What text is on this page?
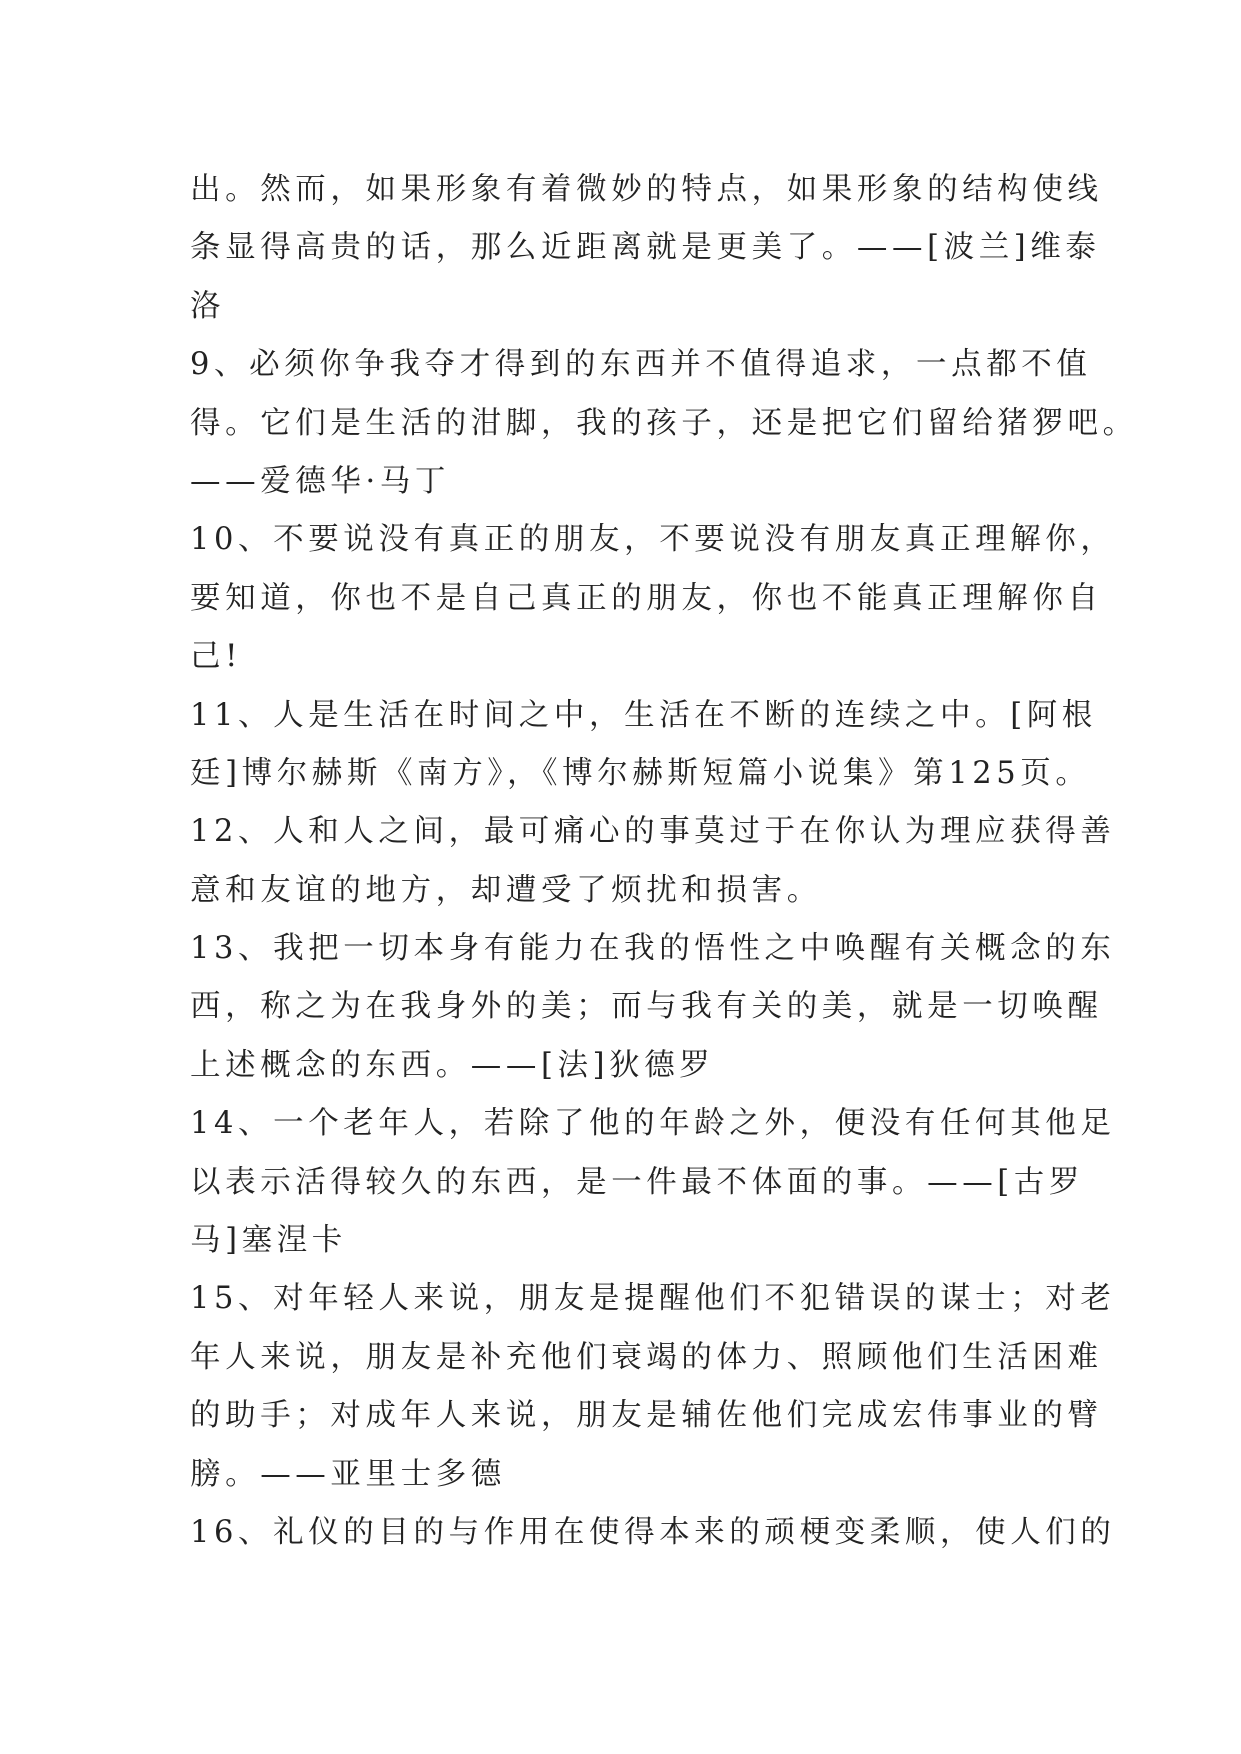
出。然而，如果形象有着微妙的特点，如果形象的结构使线
条显得高贵的话，那么近距离就是更美了。——[波兰]维泰
洛
9、必须你争我夺才得到的东西并不值得追求，一点都不值
得。它们是生活的泔脚，我的孩子，还是把它们留给猪猡吧。
——爱德华·马丁
10、不要说没有真正的朋友，不要说没有朋友真正理解你，
要知道，你也不是自己真正的朋友，你也不能真正理解你自
己!
11、人是生活在时间之中，生活在不断的连续之中。[阿根
廷]博尔赫斯《南方》，《博尔赫斯短篇小说集》第125页。
12、人和人之间，最可痛心的事莫过于在你认为理应获得善
意和友谊的地方，却遭受了烦扰和损害。
13、我把一切本身有能力在我的悟性之中唤醒有关概念的东
西，称之为在我身外的美；而与我有关的美，就是一切唤醒
上述概念的东西。——[法]狄德罗
14、一个老年人，若除了他的年龄之外，便没有任何其他足
以表示活得较久的东西，是一件最不体面的事。——[古罗
马]塞涅卡
15、对年轻人来说，朋友是提醒他们不犯错误的谋士；对老
年人来说，朋友是补充他们衰竭的体力、照顾他们生活困难
的助手；对成年人来说，朋友是辅佐他们完成宏伟事业的臂
膀。——亚里士多德
16、礼仪的目的与作用在使得本来的顽梗变柔顺，使人们的
